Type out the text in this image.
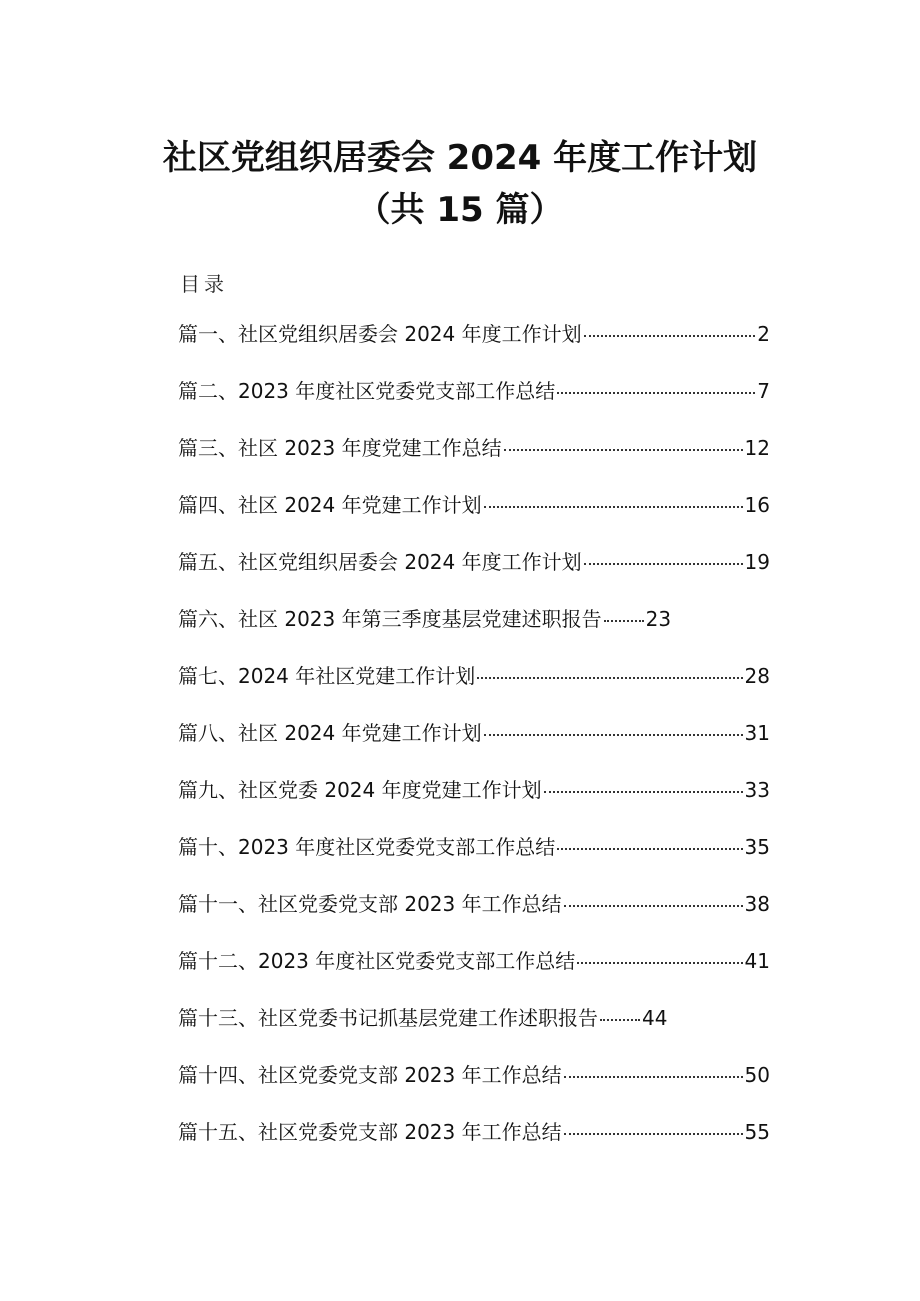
社区党组织居委会 2024 年度工作计划（共 15 篇）
目录
篇一、社区党组织居委会 2024 年度工作计划	2
篇二、2023 年度社区党委党支部工作总结	7
篇三、社区 2023 年度党建工作总结	12
篇四、社区 2024 年党建工作计划	16
篇五、社区党组织居委会 2024 年度工作计划	19
篇六、社区 2023 年第三季度基层党建述职报告 23
篇七、2024 年社区党建工作计划	28
篇八、社区 2024 年党建工作计划	31
篇九、社区党委 2024 年度党建工作计划	33
篇十、2023 年度社区党委党支部工作总结	35
篇十一、社区党委党支部 2023 年工作总结	38
篇十二、2023 年度社区党委党支部工作总结	41
篇十三、社区党委书记抓基层党建工作述职报告 44
篇十四、社区党委党支部 2023 年工作总结	50
篇十五、社区党委党支部 2023 年工作总结	55
